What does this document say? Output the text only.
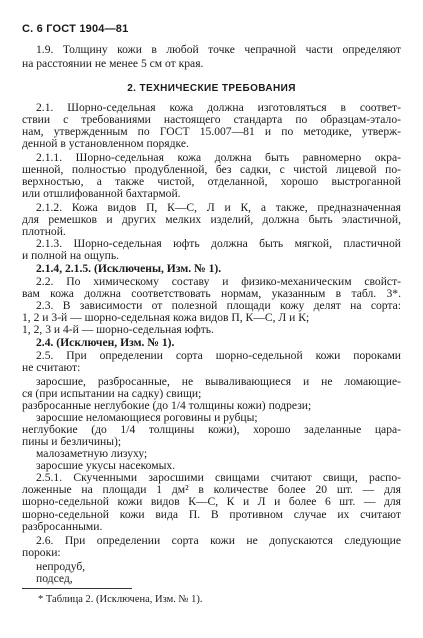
С. 6 ГОСТ 1904—81
1.9. Толщину кожи в любой точке чепрачной части определяют
на расстоянии не менее 5 см от края.
2. ТЕХНИЧЕСКИЕ ТРЕБОВАНИЯ
2.1. Шорно-седельная кожа должна изготовляться в соответ-
ствии с требованиями настоящего стандарта по образцам-этало-
нам, утвержденным по ГОСТ 15.007—81 и по методике, утверж-
денной в установленном порядке.
2.1.1. Шорно-седельная кожа должна быть равномерно окра-
шенной, полностью продубленной, без садки, с чистой лицевой по-
верхностью, а также чистой, отделанной, хорошо выстроганной
или отшлифованной бахтармой.
2.1.2. Кожа видов П, К—С, Л и К, а также, предназначенная
для ремешков и других мелких изделий, должна быть эластичной,
плотной.
2.1.3. Шорно-седельная юфть должна быть мягкой, пластичной
и полной на ощупь.
2.1.4, 2.1.5. (Исключены, Изм. № 1).
2.2. По химическому составу и физико-механическим свойст-
вам кожа должна соответствовать нормам, указанным в табл. 3*.
2.3. В зависимости от полезной площади кожу делят на сорта:
1, 2 и 3-й — шорно-седельная кожа видов П, К—С, Л и К;
1, 2, 3 и 4-й — шорно-седельная юфть.
2.4. (Исключен, Изм. № 1).
2.5. При определении сорта шорно-седельной кожи пороками
не считают:
заросшие, разбросанные, не вываливающиеся и не ломающие-
ся (при испытании на садку) свищи;
разбросанные неглубокие (до 1/4 толщины кожи) подрези;
заросшие неломающиеся роговины и рубцы;
неглубокие (до 1/4 толщины кожи), хорошо заделанные цара-
пины и безличины);
малозаметную лизуху;
заросшие укусы насекомых.
2.5.1. Скученными заросшими свищами считают свищи, распо-
ложенные на площади 1 дм² в количестве более 20 шт. — для
шорно-седельной кожи видов К—С, К и Л и более 6 шт. — для
шорно-седельной кожи вида П. В противном случае их считают
разбросанными.
2.6. При определении сорта кожи не допускаются следующие
пороки:
непродуб,
подсед,
* Таблица 2. (Исключена, Изм. № 1).
